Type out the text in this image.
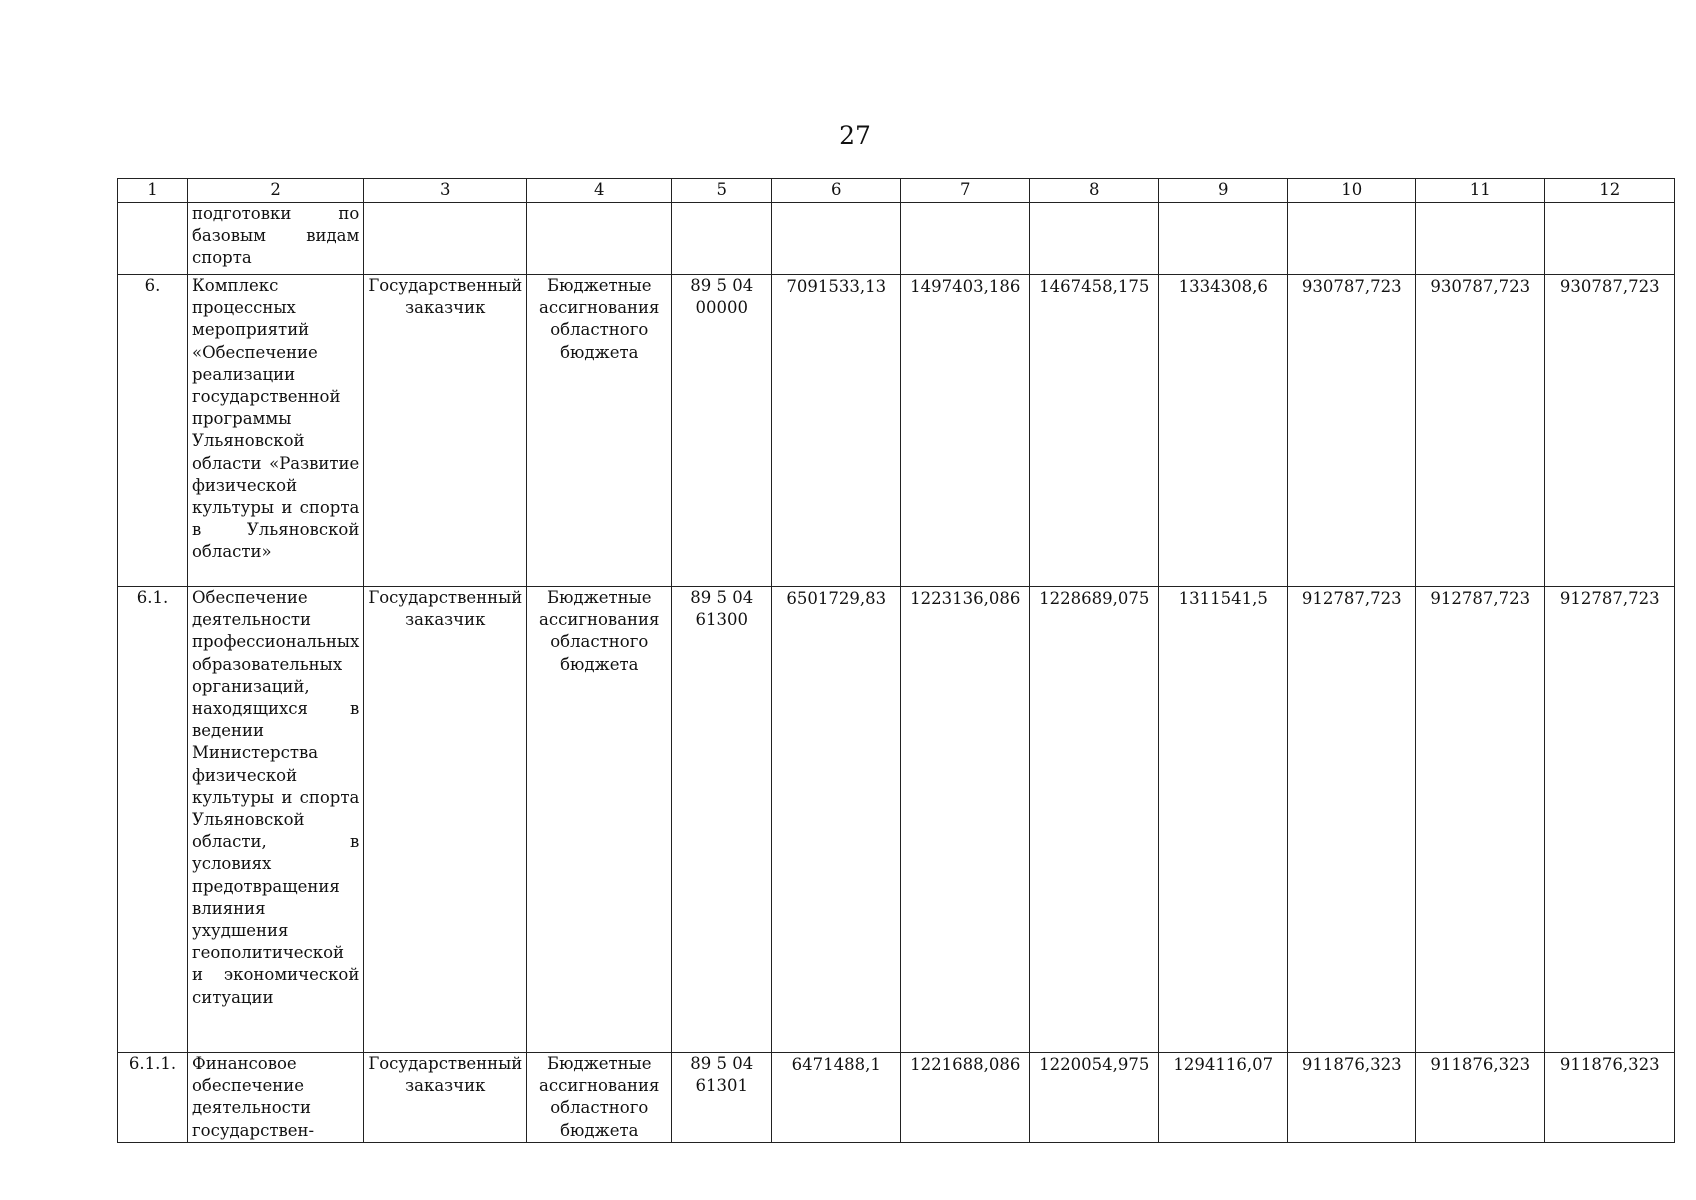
27
1	2	3	4	5	6	7	8	9	10	11	12
	подготовки по базовым видам спорта										
6.	Комплекс процессных мероприятий «Обеспечение реализации государственной программы Ульяновской области «Развитие физической культуры и спорта в Ульяновской области»	Государственный заказчик	Бюджетные ассигнования областного бюджета	89 5 04 00000	7091533,13	1497403,186	1467458,175	1334308,6	930787,723	930787,723	930787,723
6.1.	Обеспечение деятельности профессиональных образовательных организаций, находящихся в ведении Министерства физической культуры и спорта Ульяновской области, в условиях предотвращения влияния ухудшения геополитической и экономической ситуации	Государственный заказчик	Бюджетные ассигнования областного бюджета	89 5 04 61300	6501729,83	1223136,086	1228689,075	1311541,5	912787,723	912787,723	912787,723
6.1.1.	Финансовое обеспечение деятельности государствен-	Государственный заказчик	Бюджетные ассигнования областного бюджета	89 5 04 61301	6471488,1	1221688,086	1220054,975	1294116,07	911876,323	911876,323	911876,323
